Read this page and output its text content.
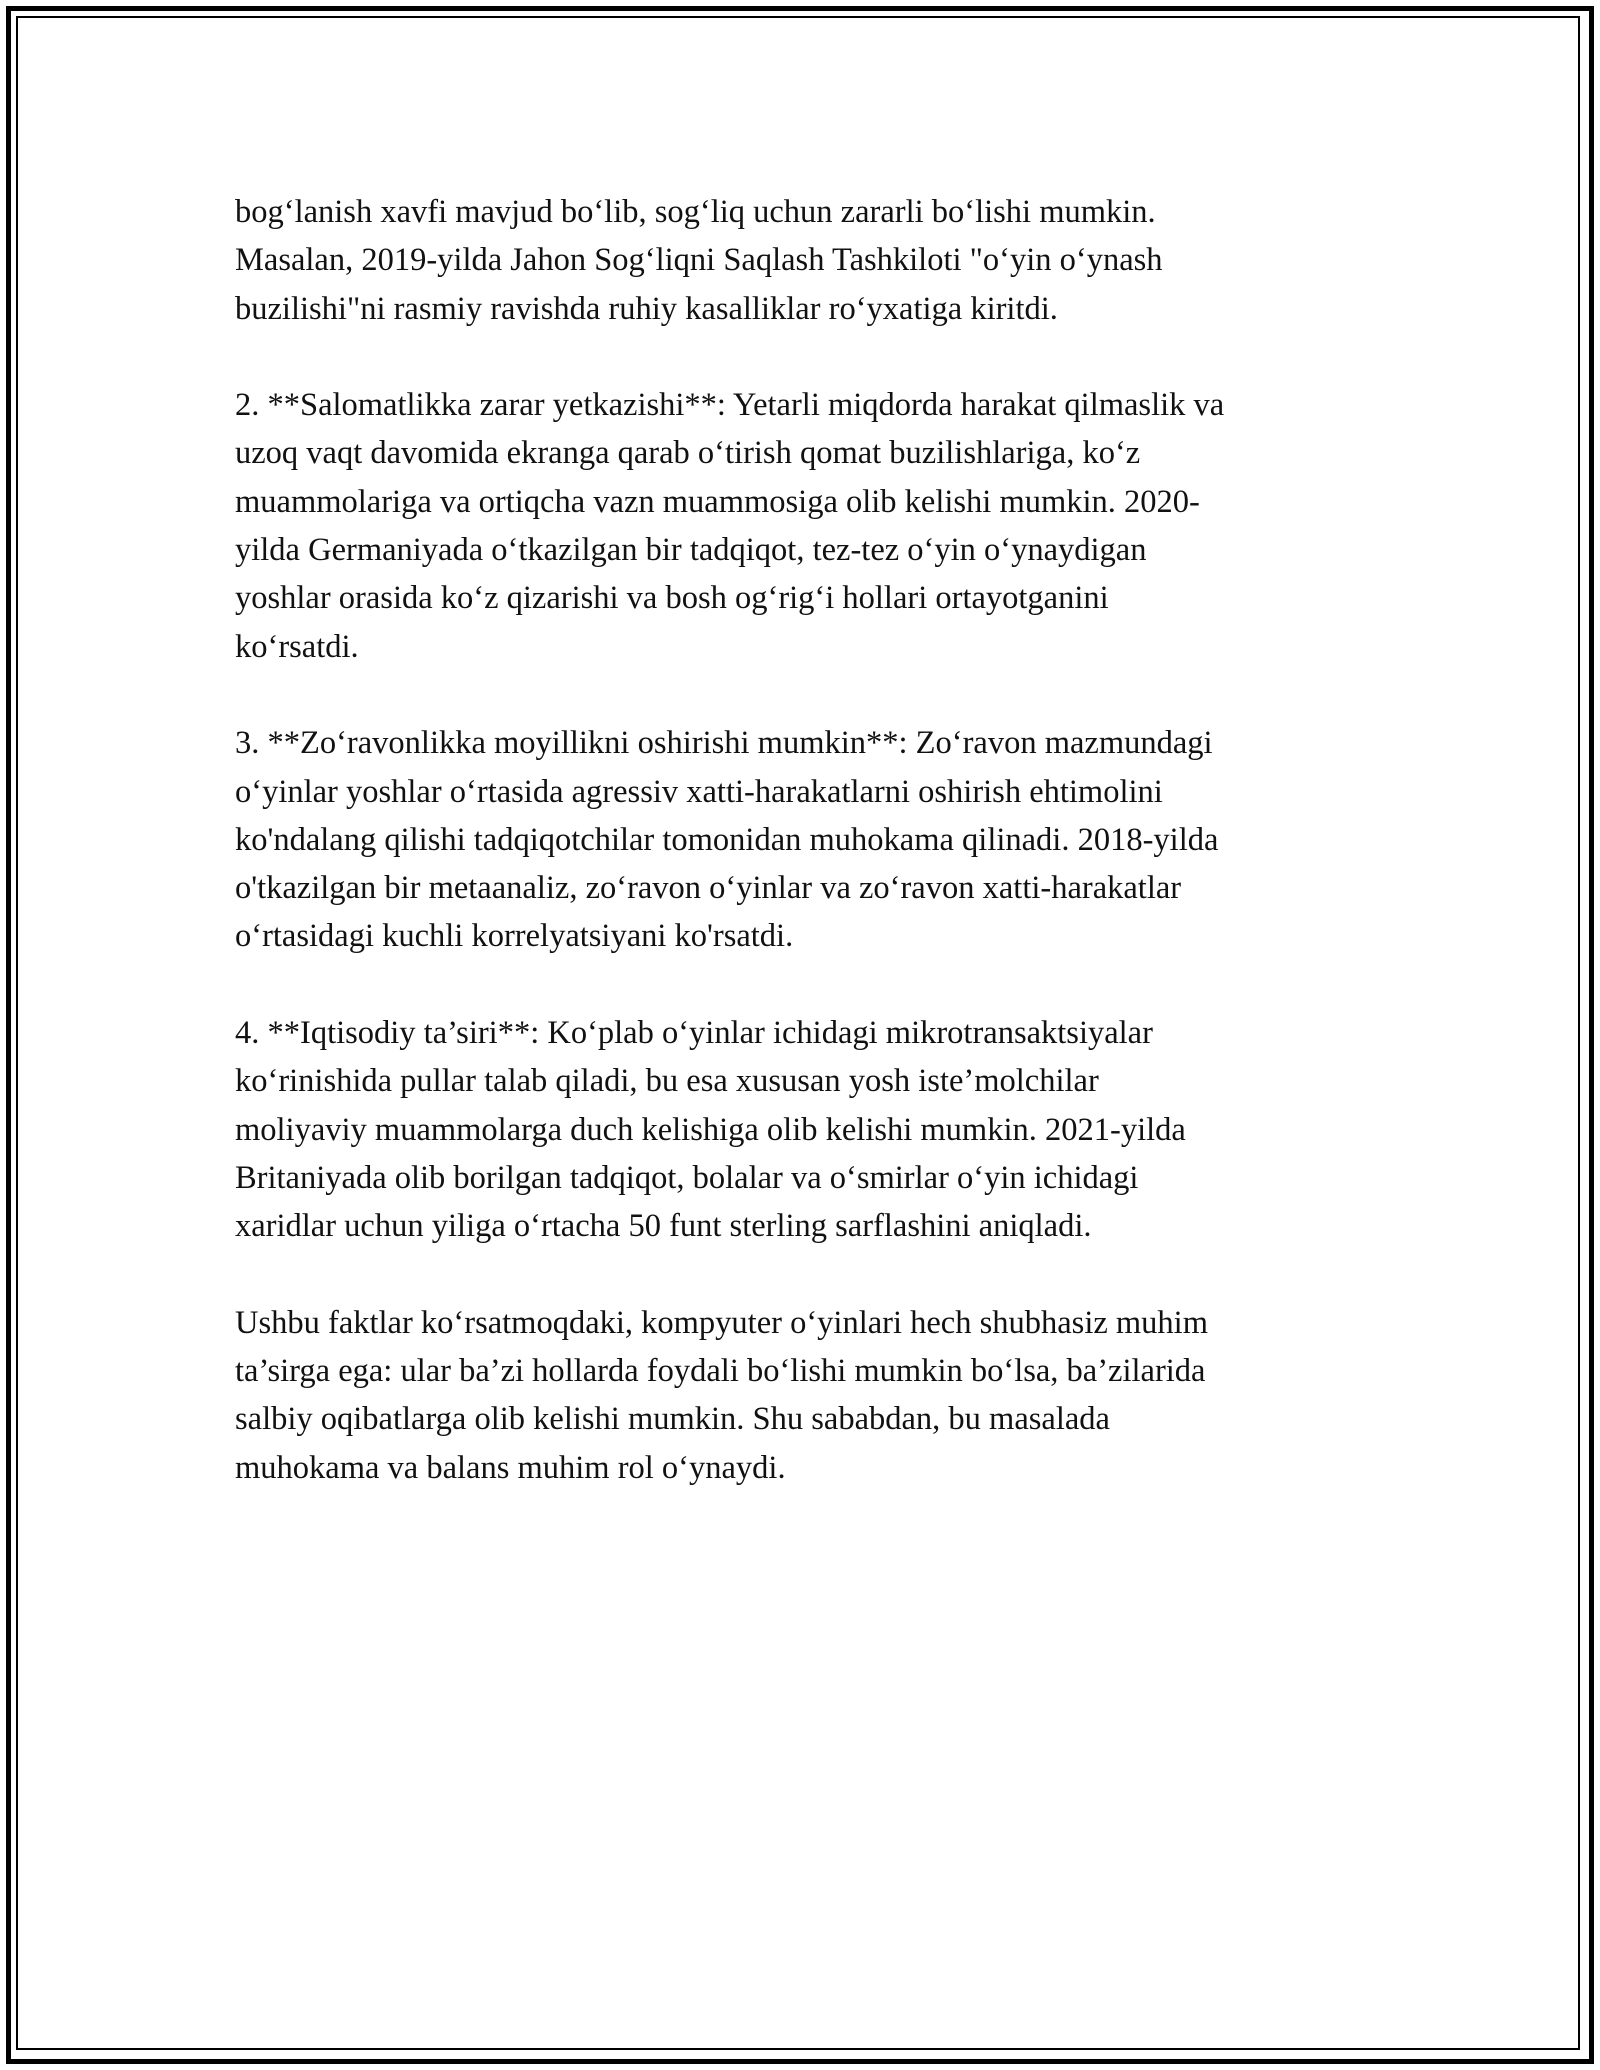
bog‘lanish xavfi mavjud bo‘lib, sog‘liq uchun zararli bo‘lishi mumkin.
Masalan, 2019-yilda Jahon Sog‘liqni Saqlash Tashkiloti "o‘yin o‘ynash
buzilishi"ni rasmiy ravishda ruhiy kasalliklar ro‘yxatiga kiritdi.

2. **Salomatlikka zarar yetkazishi**: Yetarli miqdorda harakat qilmaslik va
uzoq vaqt davomida ekranga qarab o‘tirish qomat buzilishlariga, ko‘z
muammolariga va ortiqcha vazn muammosiga olib kelishi mumkin. 2020-
yilda Germaniyada o‘tkazilgan bir tadqiqot, tez-tez o‘yin o‘ynaydigan
yoshlar orasida ko‘z qizarishi va bosh og‘rig‘i hollari ortayotganini
ko‘rsatdi.

3. **Zo‘ravonlikka moyillikni oshirishi mumkin**: Zo‘ravon mazmundagi
o‘yinlar yoshlar o‘rtasida agressiv xatti-harakatlarni oshirish ehtimolini
ko'ndalang qilishi tadqiqotchilar tomonidan muhokama qilinadi. 2018-yilda
o'tkazilgan bir metaanaliz, zo‘ravon o‘yinlar va zo‘ravon xatti-harakatlar
o‘rtasidagi kuchli korrelyatsiyani ko'rsatdi.

4. **Iqtisodiy ta’siri**: Ko‘plab o‘yinlar ichidagi mikrotransaktsiyalar
ko‘rinishida pullar talab qiladi, bu esa xususan yosh iste’molchilar
moliyaviy muammolarga duch kelishiga olib kelishi mumkin. 2021-yilda
Britaniyada olib borilgan tadqiqot, bolalar va o‘smirlar o‘yin ichidagi
xaridlar uchun yiliga o‘rtacha 50 funt sterling sarflashini aniqladi.

Ushbu faktlar ko‘rsatmoqdaki, kompyuter o‘yinlari hech shubhasiz muhim
ta’sirga ega: ular ba’zi hollarda foydali bo‘lishi mumkin bo‘lsa, ba’zilarida
salbiy oqibatlarga olib kelishi mumkin. Shu sababdan, bu masalada
muhokama va balans muhim rol o‘ynaydi.
